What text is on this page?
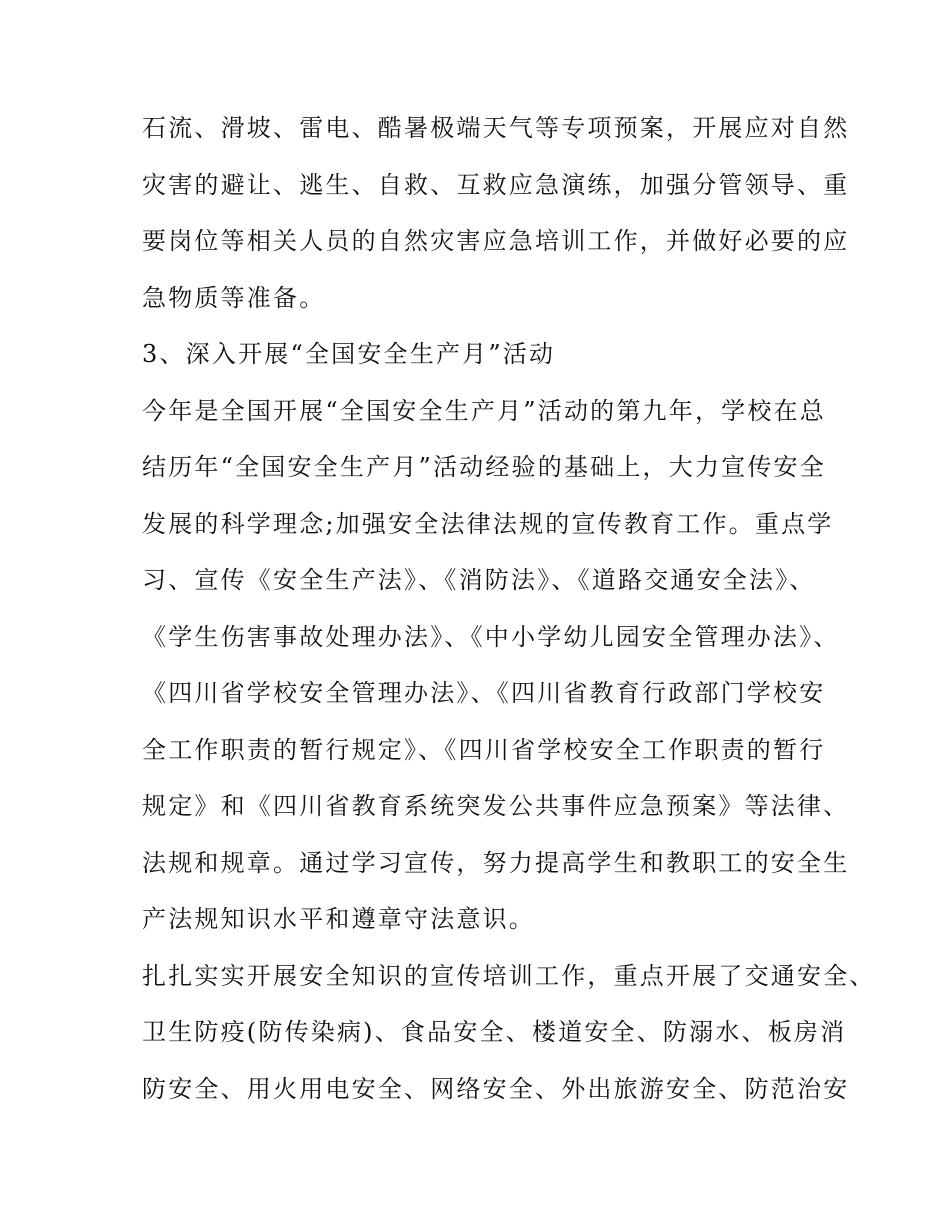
石流、滑坡、雷电、酷暑极端天气等专项预案，开展应对自然
灾害的避让、逃生、自救、互救应急演练，加强分管领导、重
要岗位等相关人员的自然灾害应急培训工作，并做好必要的应
急物质等准备。
3、深入开展“全国安全生产月”活动
今年是全国开展“全国安全生产月”活动的第九年，学校在总
结历年“全国安全生产月”活动经验的基础上，大力宣传安全
发展的科学理念;加强安全法律法规的宣传教育工作。重点学
习、宣传《安全生产法》、《消防法》、《道路交通安全法》、
《学生伤害事故处理办法》、《中小学幼儿园安全管理办法》、
《四川省学校安全管理办法》、《四川省教育行政部门学校安
全工作职责的暂行规定》、《四川省学校安全工作职责的暂行
规定》和《四川省教育系统突发公共事件应急预案》等法律、
法规和规章。通过学习宣传，努力提高学生和教职工的安全生
产法规知识水平和遵章守法意识。
扎扎实实开展安全知识的宣传培训工作，重点开展了交通安全、
卫生防疫(防传染病)、食品安全、楼道安全、防溺水、板房消
防安全、用火用电安全、网络安全、外出旅游安全、防范治安
